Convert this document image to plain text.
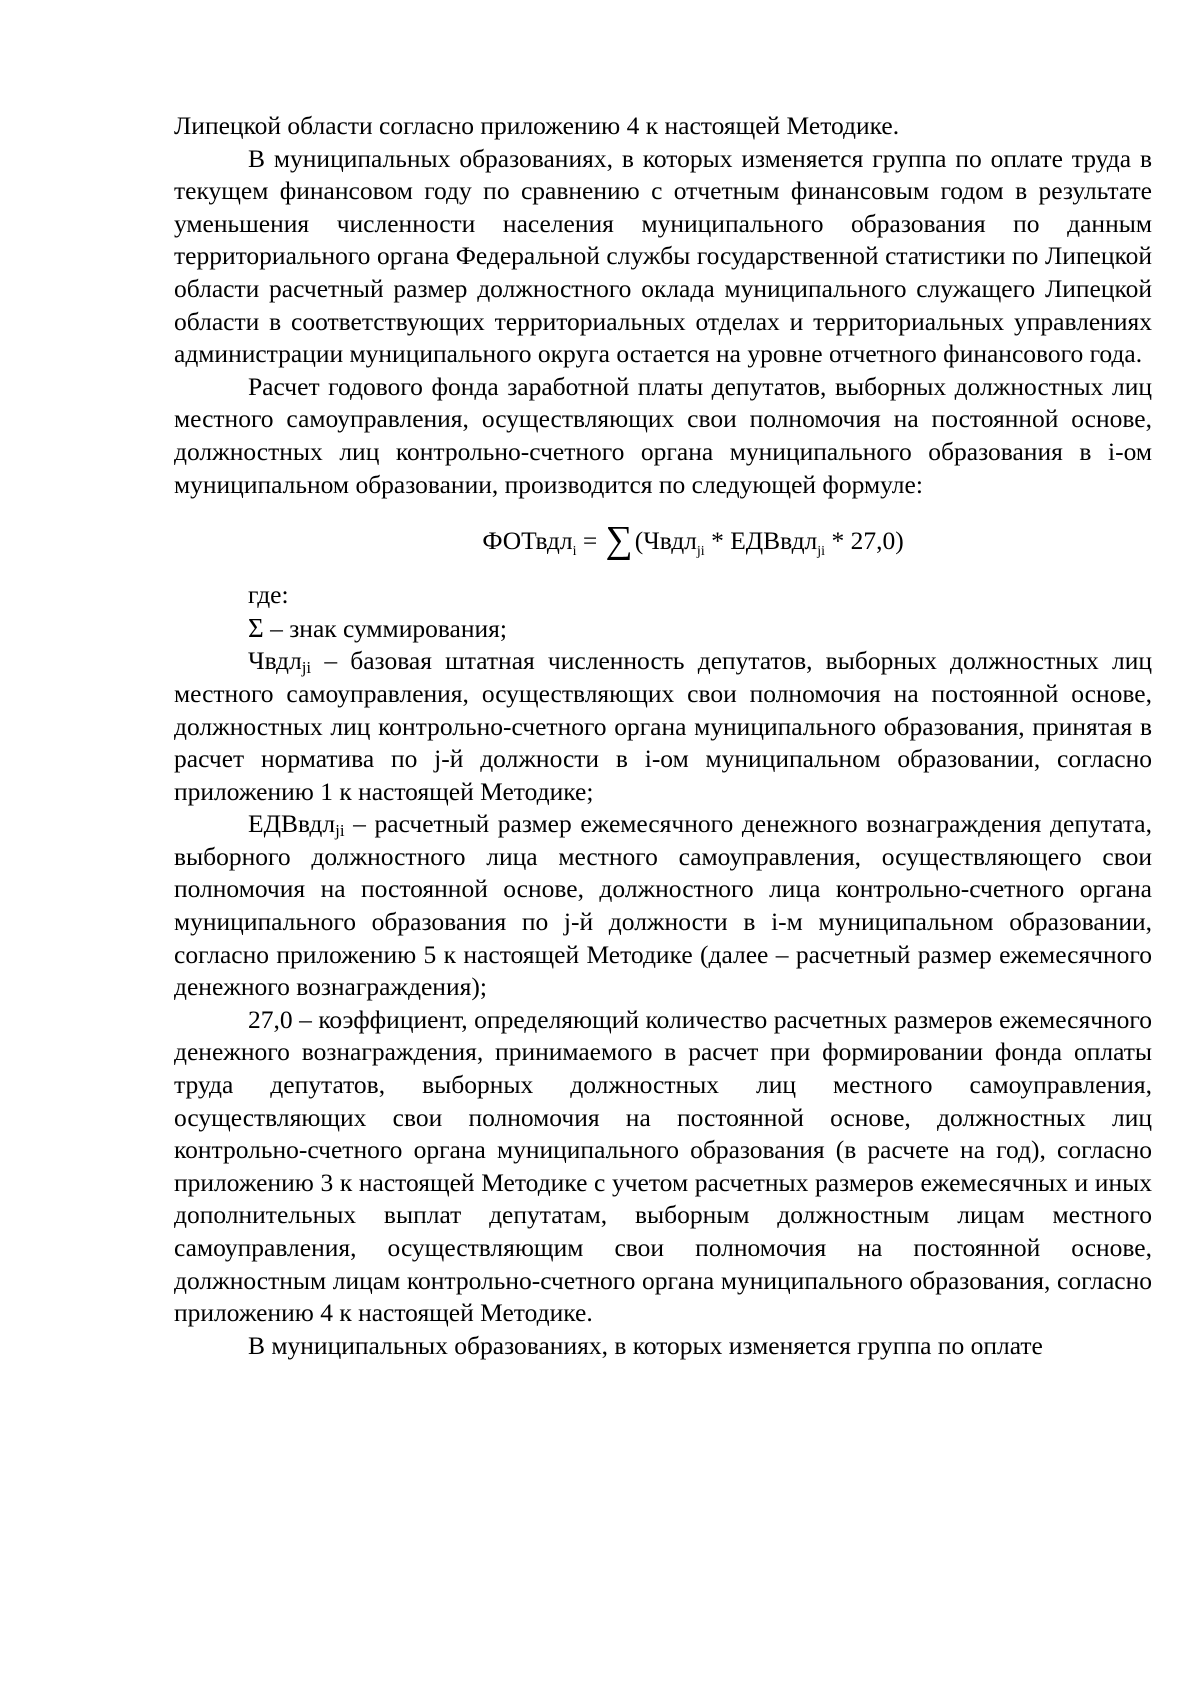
Липецкой области согласно приложению 4 к настоящей Методике.

В муниципальных образованиях, в которых изменяется группа по оплате труда в текущем финансовом году по сравнению с отчетным финансовым годом в результате уменьшения численности населения муниципального образования по данным территориального органа Федеральной службы государственной статистики по Липецкой области расчетный размер должностного оклада муниципального служащего Липецкой области в соответствующих территориальных отделах и территориальных управлениях администрации муниципального округа остается на уровне отчетного финансового года.

Расчет годового фонда заработной платы депутатов, выборных должностных лиц местного самоуправления, осуществляющих свои полномочия на постоянной основе, должностных лиц контрольно-счетного органа муниципального образования в i-ом муниципальном образовании, производится по следующей формуле:

ФОТвдл$_i$ = ∑(Чвдл$_{ji}$ * ЕДВвдл$_{ji}$ * 27,0)

где:

Σ – знак суммирования;

Чвдл$_{ji}$ – базовая штатная численность депутатов, выборных должностных лиц местного самоуправления, осуществляющих свои полномочия на постоянной основе, должностных лиц контрольно-счетного органа муниципального образования, принятая в расчет норматива по j-й должности в i-ом муниципальном образовании, согласно приложению 1 к настоящей Методике;

ЕДВвдл$_{ji}$ – расчетный размер ежемесячного денежного вознаграждения депутата, выборного должностного лица местного самоуправления, осуществляющего свои полномочия на постоянной основе, должностного лица контрольно-счетного органа муниципального образования по j-й должности в i-м муниципальном образовании, согласно приложению 5 к настоящей Методике (далее – расчетный размер ежемесячного денежного вознаграждения);

27,0 – коэффициент, определяющий количество расчетных размеров ежемесячного денежного вознаграждения, принимаемого в расчет при формировании фонда оплаты труда депутатов, выборных должностных лиц местного самоуправления, осуществляющих свои полномочия на постоянной основе, должностных лиц контрольно-счетного органа муниципального образования (в расчете на год), согласно приложению 3 к настоящей Методике с учетом расчетных размеров ежемесячных и иных дополнительных выплат депутатам, выборным должностным лицам местного самоуправления, осуществляющим свои полномочия на постоянной основе, должностным лицам контрольно-счетного органа муниципального образования, согласно приложению 4 к настоящей Методике.

В муниципальных образованиях, в которых изменяется группа по оплате
